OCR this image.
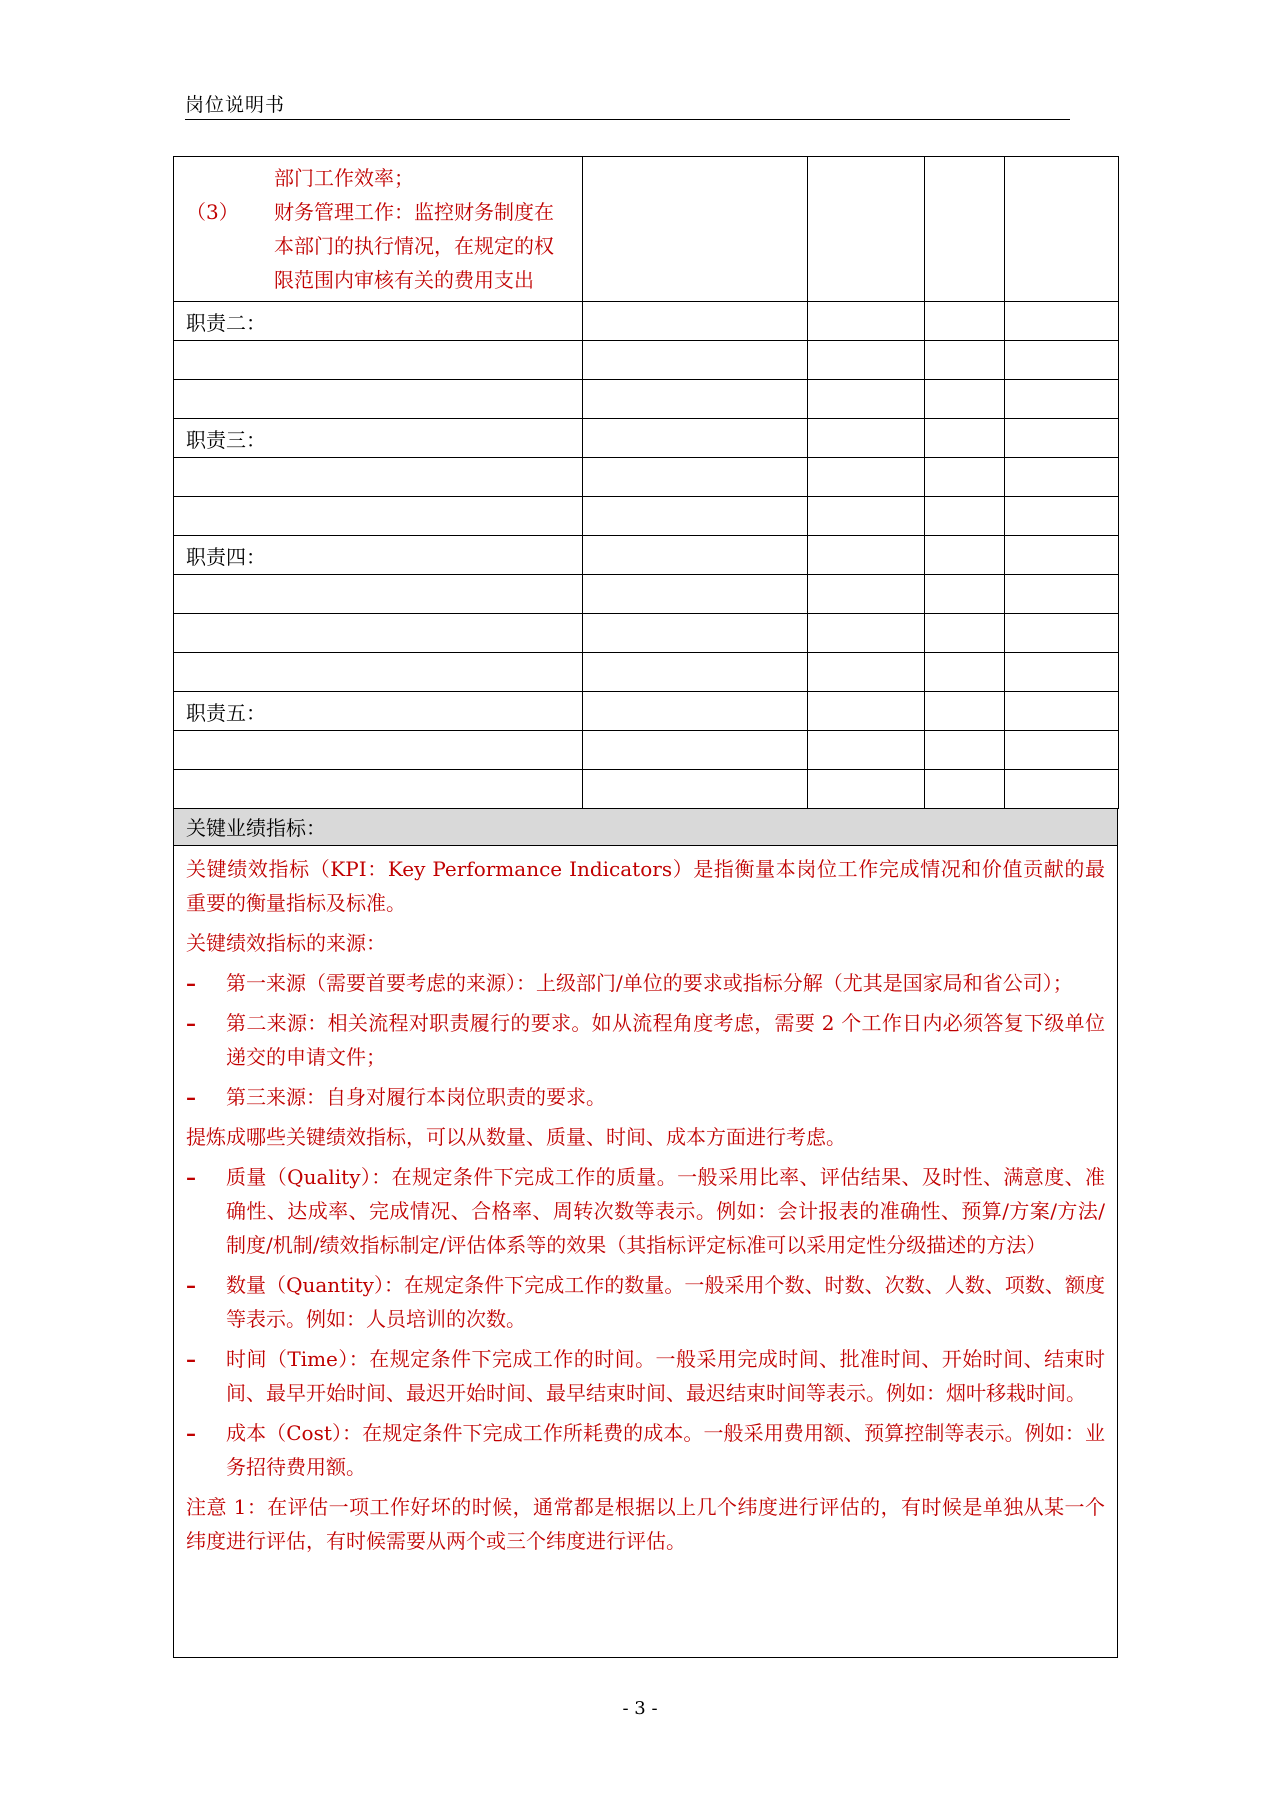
岗位说明书
部门工作效率；
（3） 财务管理工作：监控财务制度在
本部门的执行情况，在规定的权
限范围内审核有关的费用支出				

职责二：				

职责三：				

职责四：				

职责五：				

关键业绩指标：

关键绩效指标（KPI：Key Performance Indicators）是指衡量本岗位工作完成情况和价值贡献的最重要的衡量指标及标准。

关键绩效指标的来源：

–	第一来源（需要首要考虑的来源）：上级部门/单位的要求或指标分解（尤其是国家局和省公司）；
–	第二来源：相关流程对职责履行的要求。如从流程角度考虑，需要 2 个工作日内必须答复下级单位递交的申请文件；
–	第三来源：自身对履行本岗位职责的要求。

提炼成哪些关键绩效指标，可以从数量、质量、时间、成本方面进行考虑。

–	质量（Quality）：在规定条件下完成工作的质量。一般采用比率、评估结果、及时性、满意度、准确性、达成率、完成情况、合格率、周转次数等表示。例如：会计报表的准确性、预算/方案/方法/制度/机制/绩效指标制定/评估体系等的效果（其指标评定标准可以采用定性分级描述的方法）
–	数量（Quantity）：在规定条件下完成工作的数量。一般采用个数、时数、次数、人数、项数、额度等表示。例如：人员培训的次数。
–	时间（Time）：在规定条件下完成工作的时间。一般采用完成时间、批准时间、开始时间、结束时间、最早开始时间、最迟开始时间、最早结束时间、最迟结束时间等表示。例如：烟叶移栽时间。
–	成本（Cost）：在规定条件下完成工作所耗费的成本。一般采用费用额、预算控制等表示。例如：业务招待费用额。

注意 1：在评估一项工作好坏的时候，通常都是根据以上几个纬度进行评估的，有时候是单独从某一个纬度进行评估，有时候需要从两个或三个纬度进行评估。

- 3 -
